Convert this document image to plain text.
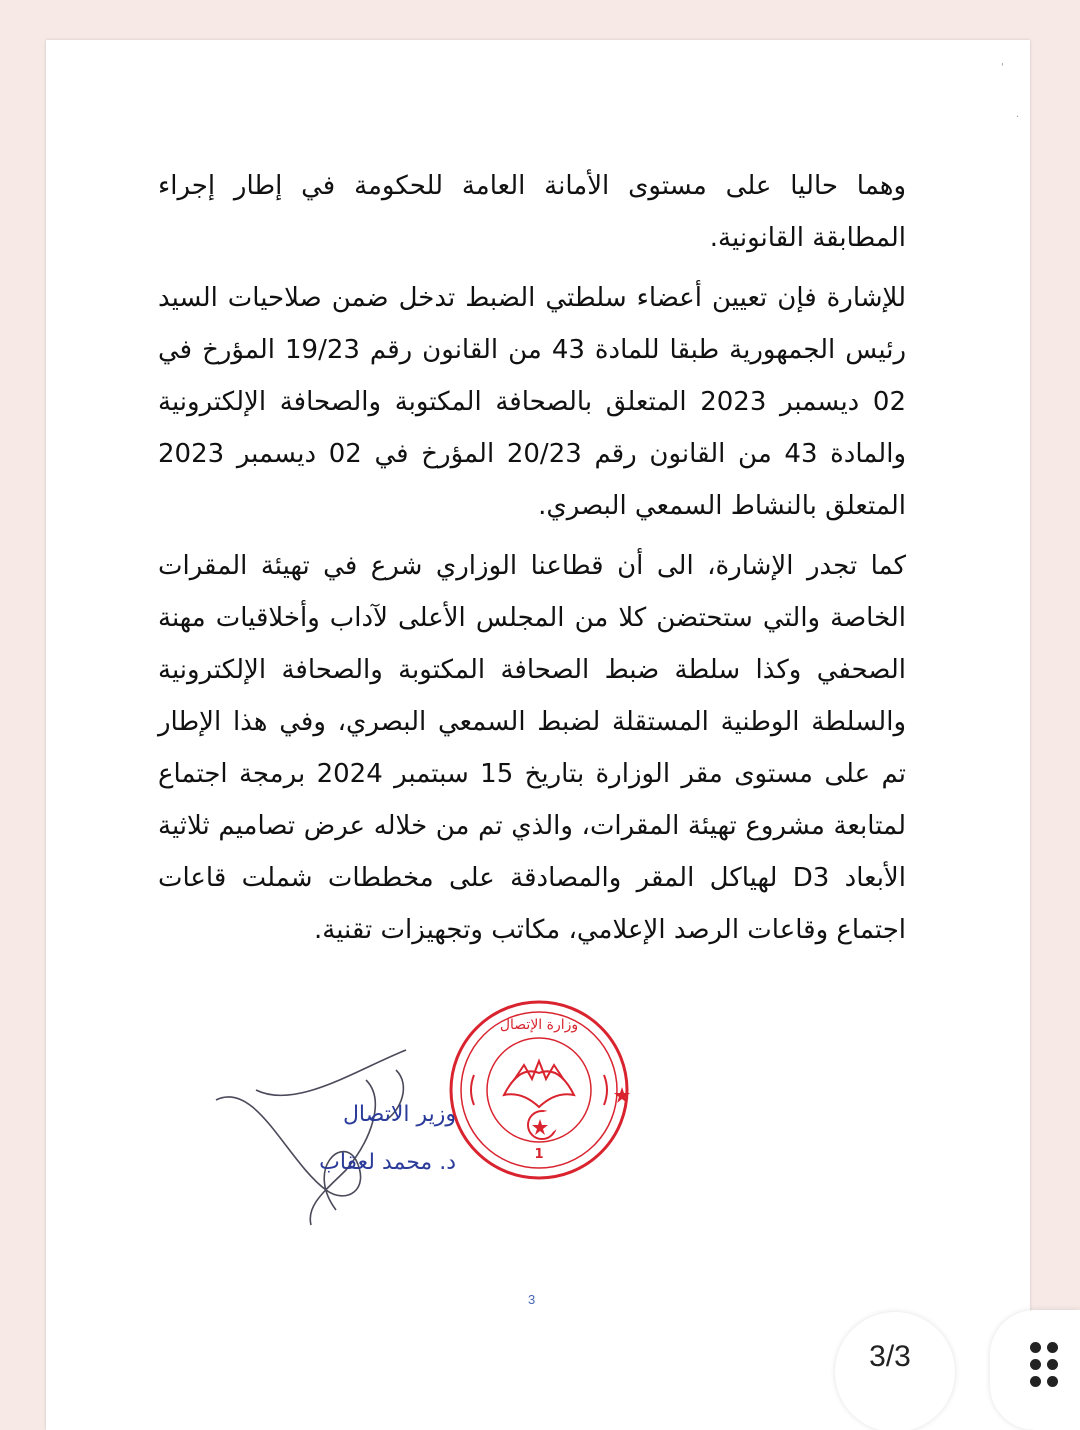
'
·

وهما حاليا على مستوى الأمانة العامة للحكومة في إطار إجراء المطابقة القانونية.

للإشارة فإن تعيين أعضاء سلطتي الضبط تدخل ضمن صلاحيات السيد رئيس الجمهورية طبقا للمادة 43 من القانون رقم 19/23 المؤرخ في 02 ديسمبر 2023 المتعلق بالصحافة المكتوبة والصحافة الإلكترونية والمادة 43 من القانون رقم 20/23 المؤرخ في 02 ديسمبر 2023 المتعلق بالنشاط السمعي البصري.

كما تجدر الإشارة، الى أن قطاعنا الوزاري شرع في تهيئة المقرات الخاصة والتي ستحتضن كلا من المجلس الأعلى لآداب وأخلاقيات مهنة الصحفي وكذا سلطة ضبط الصحافة المكتوبة والصحافة الإلكترونية والسلطة الوطنية المستقلة لضبط السمعي البصري، وفي هذا الإطار تم على مستوى مقر الوزارة بتاريخ 15 سبتمبر 2024 برمجة اجتماع لمتابعة مشروع تهيئة المقرات، والذي تم من خلاله عرض تصاميم ثلاثية الأبعاد D3 لهياكل المقر والمصادقة على مخططات شملت قاعات اجتماع وقاعات الرصد الإعلامي، مكاتب وتجهيزات تقنية.

وزارة الإتصال
1
وزير الاتصال
د. محمد لعقاب
3
3/3
